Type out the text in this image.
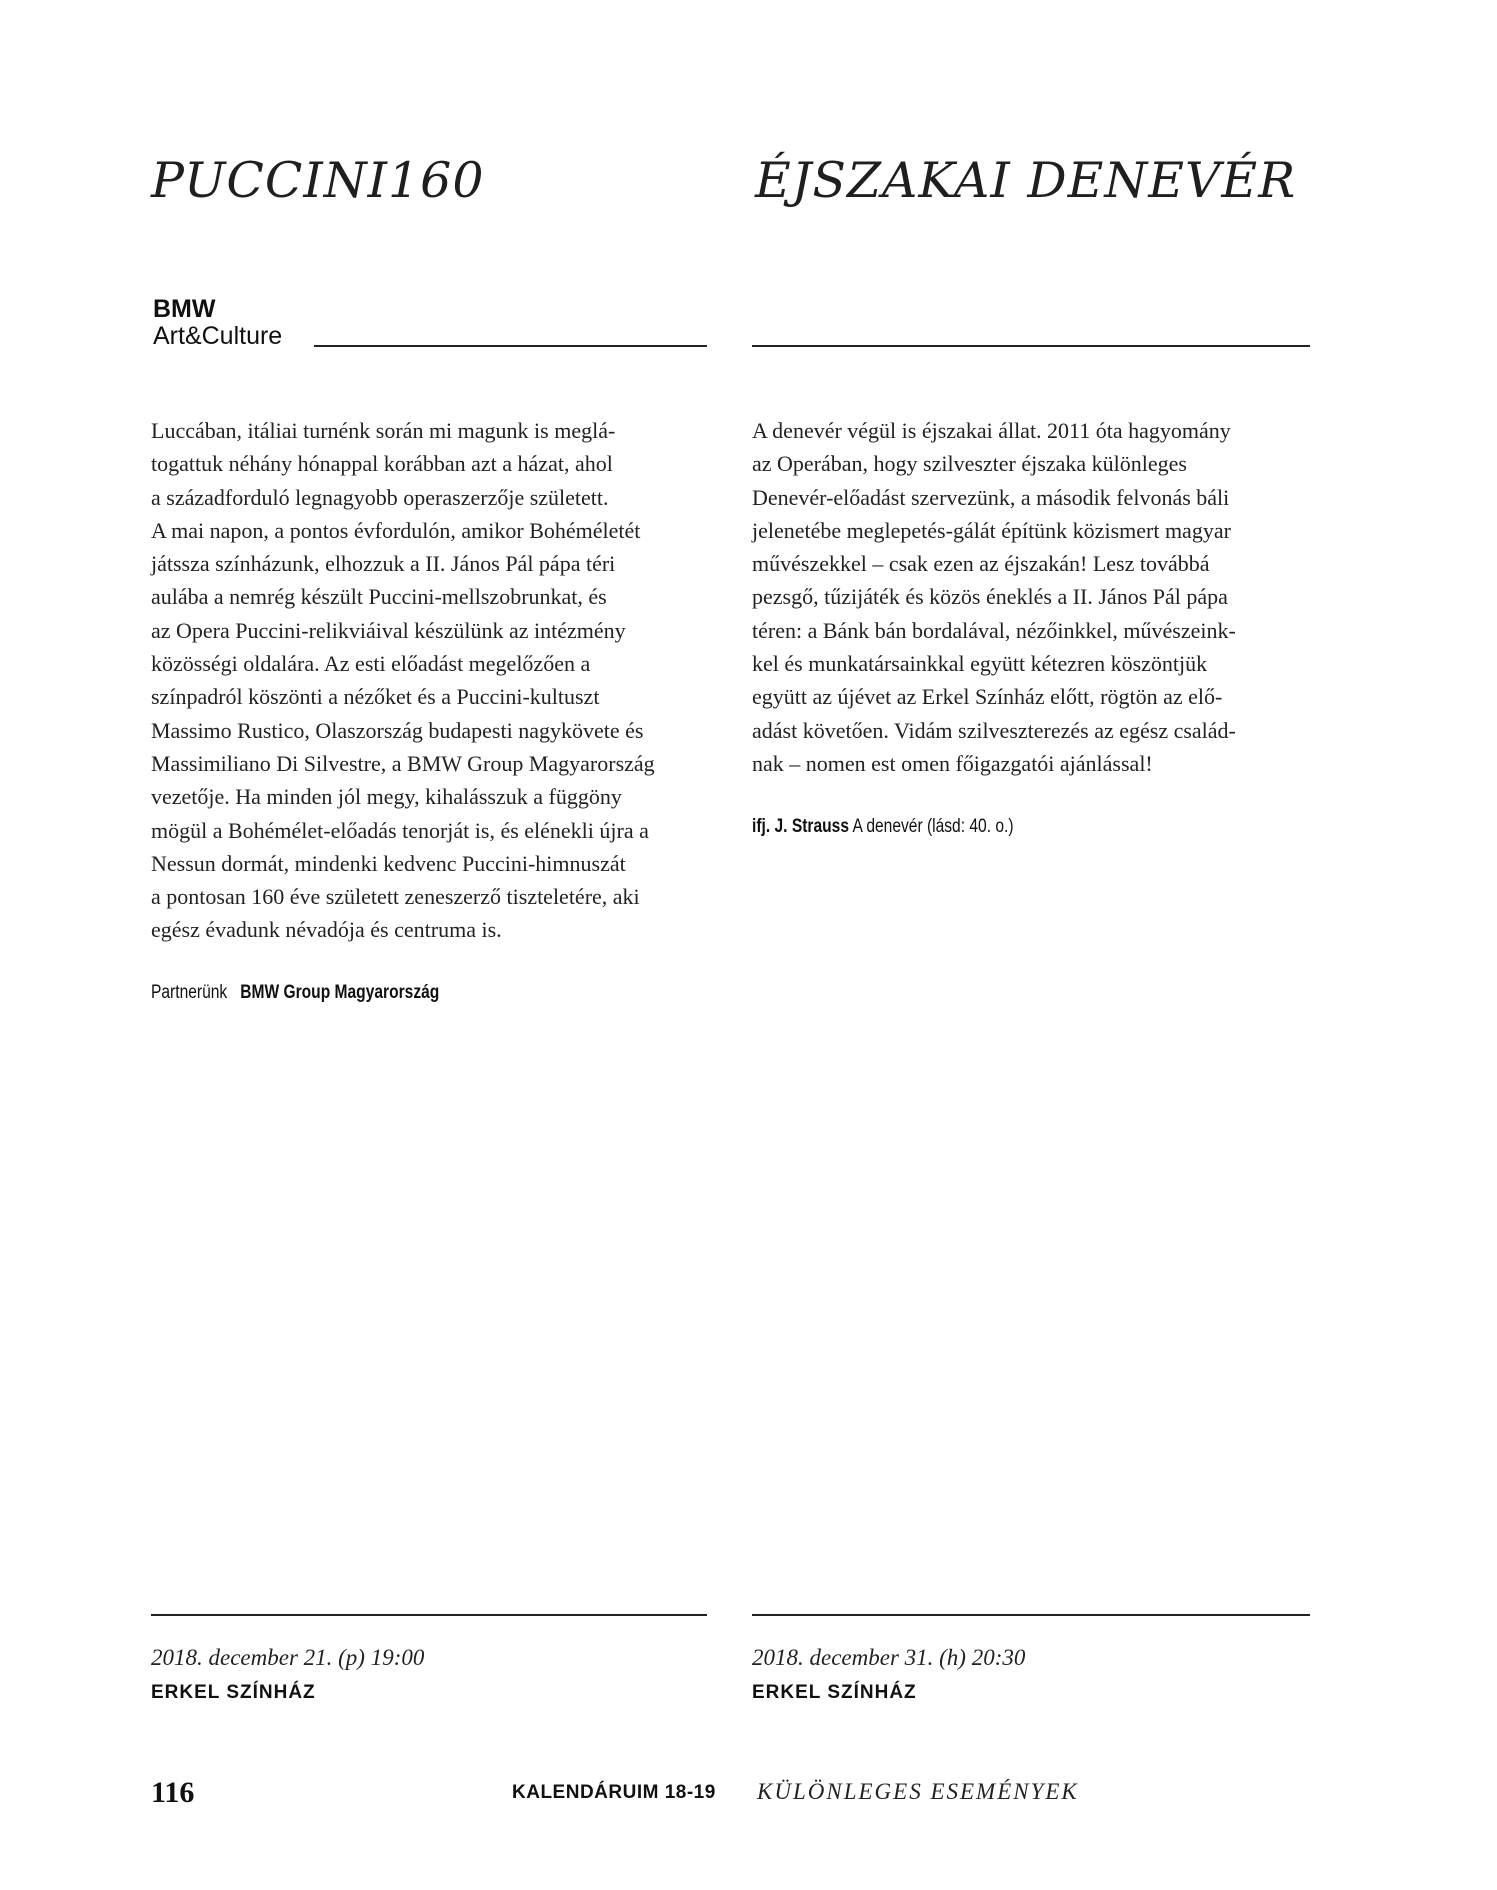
PUCCINI160
BMW
Art&Culture

Luccában, itáliai turnénk során mi magunk is meglá-

togattuk néhány hónappal korábban azt a házat, ahol

a századforduló legnagyobb operaszerzője született.

A mai napon, a pontos évfordulón, amikor Bohéméletét

játssza színházunk, elhozzuk a II. János Pál pápa téri

aulába a nemrég készült Puccini-mellszobrunkat, és

az Opera Puccini-relikviáival készülünk az intézmény

közösségi oldalára. Az esti előadást megelőzően a

színpadról köszönti a nézőket és a Puccini-kultuszt

Massimo Rustico, Olaszország budapesti nagykövete és

Massimiliano Di Silvestre, a BMW Group Magyarország

vezetője. Ha minden jól megy, kihalásszuk a függöny

mögül a Bohémélet-előadás tenorját is, és elénekli újra a

Nessun dormát, mindenki kedvenc Puccini-himnuszát

a pontosan 160 éve született zeneszerző tiszteletére, aki

egész évadunk névadója és centruma is.

Partnerünk BMW Group Magyarország
2018. december 21. (p) 19:00
ERKEL SZÍNHÁZ
ÉJSZAKAI DENEVÉR

A denevér végül is éjszakai állat. 2011 óta hagyomány

az Operában, hogy szilveszter éjszaka különleges

Denevér-előadást szervezünk, a második felvonás báli

jelenetébe meglepetés-gálát építünk közismert magyar

művészekkel – csak ezen az éjszakán! Lesz továbbá

pezsgő, tűzijáték és közös éneklés a II. János Pál pápa

téren: a Bánk bán bordalával, nézőinkkel, művészeink-

kel és munkatársainkkal együtt kétezren köszöntjük

együtt az újévet az Erkel Színház előtt, rögtön az elő-

adást követően. Vidám szilveszterezés az egész család-

nak – nomen est omen főigazgatói ajánlással!

ifj. J. Strauss A denevér (lásd: 40. o.)
2018. december 31. (h) 20:30
ERKEL SZÍNHÁZ
116	KALENDÁRUIM 18-19 KÜLÖNLEGES ESEMÉNYEK
